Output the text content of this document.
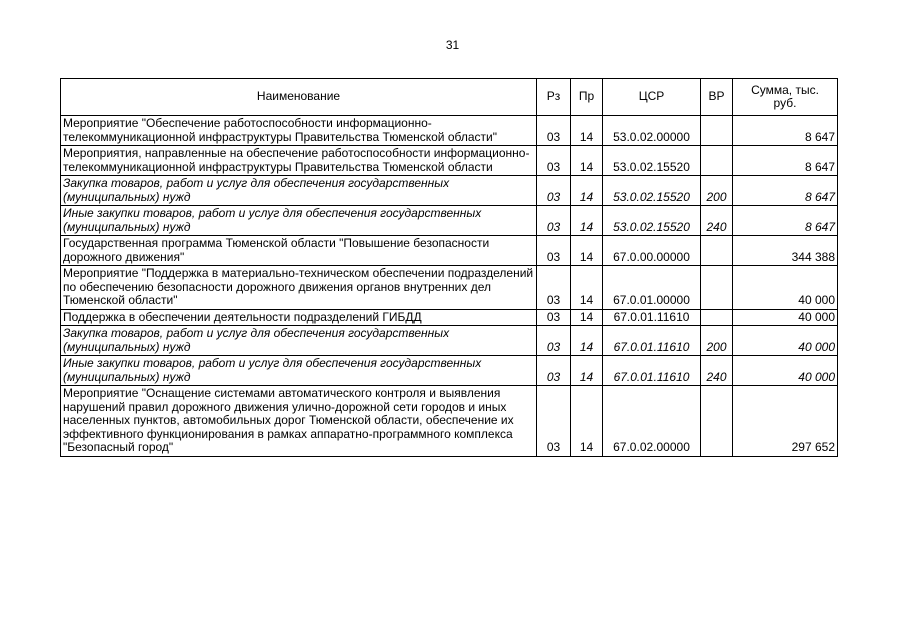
31
Наименование	Рз	Пр	ЦСР	ВР	Сумма, тыс. руб.
Мероприятие "Обеспечение работоспособности информационно-телекоммуникационной инфраструктуры Правительства Тюменской области"	03	14	53.0.02.00000		8 647
Мероприятия, направленные на обеспечение работоспособности информационно-телекоммуникационной инфраструктуры Правительства Тюменской области	03	14	53.0.02.15520		8 647
Закупка товаров, работ и услуг для обеспечения государственных (муниципальных) нужд	03	14	53.0.02.15520	200	8 647
Иные закупки товаров, работ и услуг для обеспечения государственных (муниципальных) нужд	03	14	53.0.02.15520	240	8 647
Государственная программа Тюменской области "Повышение безопасности дорожного движения"	03	14	67.0.00.00000		344 388
Мероприятие "Поддержка в материально-техническом обеспечении подразделений по обеспечению безопасности дорожного движения органов внутренних дел Тюменской области"	03	14	67.0.01.00000		40 000
Поддержка в обеспечении деятельности подразделений ГИБДД	03	14	67.0.01.11610		40 000
Закупка товаров, работ и услуг для обеспечения государственных (муниципальных) нужд	03	14	67.0.01.11610	200	40 000
Иные закупки товаров, работ и услуг для обеспечения государственных (муниципальных) нужд	03	14	67.0.01.11610	240	40 000
Мероприятие "Оснащение системами автоматического контроля и выявления нарушений правил дорожного движения улично-дорожной сети городов и иных населенных пунктов, автомобильных дорог Тюменской области, обеспечение их эффективного функционирования в рамках аппаратно-программного комплекса "Безопасный город"	03	14	67.0.02.00000		297 652
